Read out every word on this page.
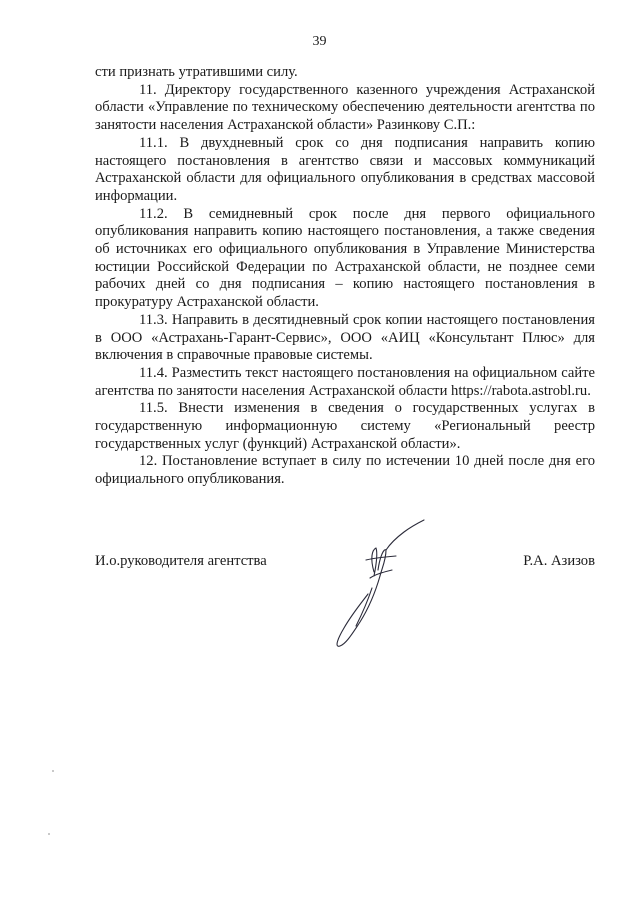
39

сти признать утратившими силу.

11. Директору государственного казенного учреждения Астраханской области «Управление по техническому обеспечению деятельности агентства по занятости населения Астраханской области» Разинкову С.П.:

11.1. В двухдневный срок со дня подписания направить копию настоящего постановления в агентство связи и массовых коммуникаций Астраханской области для официального опубликования в средствах массовой информации.

11.2. В семидневный срок после дня первого официального опубликования направить копию настоящего постановления, а также сведения об источниках его официального опубликования в Управление Министерства юстиции Российской Федерации по Астраханской области, не позднее семи рабочих дней со дня подписания – копию настоящего постановления в прокуратуру Астраханской области.

11.3. Направить в десятидневный срок копии настоящего постановления в ООО «Астрахань-Гарант-Сервис», ООО «АИЦ «Консультант Плюс» для включения в справочные правовые системы.

11.4. Разместить текст настоящего постановления на официальном сайте агентства по занятости населения Астраханской области https://rabota.astrobl.ru.

11.5. Внести изменения в сведения о государственных услугах в государственную информационную систему «Региональный реестр государственных услуг (функций) Астраханской области».

12. Постановление вступает в силу по истечении 10 дней после дня его официального опубликования.

И.о.руководителя агентства	Р.А. Азизов
